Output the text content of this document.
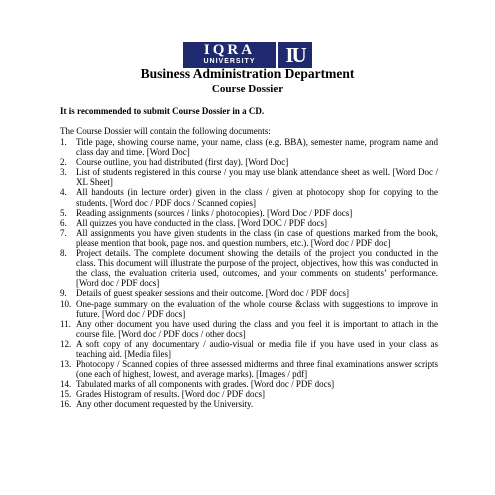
IQRA
UNIVERSITY	IU
Business Administration Department
Course Dossier
It is recommended to submit Course Dossier in a CD.
The Course Dossier will contain the following documents:
1. Title page, showing course name, your name, class (e.g. BBA), semester name, program name and class day and time. [Word Doc]
2. Course outline, you had distributed (first day). [Word Doc]
3. List of students registered in this course / you may use blank attendance sheet as well. [Word Doc / XL Sheet]
4. All handouts (in lecture order) given in the class / given at photocopy shop for copying to the students. [Word doc / PDF docs / Scanned copies]
5. Reading assignments (sources / links / photocopies). [Word Doc / PDF docs]
6. All quizzes you have conducted in the class. [Word DOC / PDF docs]
7. All assignments you have given students in the class (in case of questions marked from the book, please mention that book, page nos. and question numbers, etc.). [Word doc / PDF doc]
8. Project details. The complete document showing the details of the project you conducted in the class. This document will illustrate the purpose of the project, objectives, how this was conducted in the class, the evaluation criteria used, outcomes, and your comments on students’ performance. [Word doc / PDF docs]
9. Details of guest speaker sessions and their outcome. [Word doc / PDF docs]
10. One-page summary on the evaluation of the whole course &class with suggestions to improve in future. [Word doc / PDF docs]
11. Any other document you have used during the class and you feel it is important to attach in the course file. [Word doc / PDF docs / other docs]
12. A soft copy of any documentary / audio-visual or media file if you have used in your class as teaching aid. [Media files]
13. Photocopy / Scanned copies of three assessed midterms and three final examinations answer scripts (one each of highest, lowest, and average marks). [Images / pdf]
14. Tabulated marks of all components with grades. [Word doc / PDF docs]
15. Grades Histogram of results. [Word doc / PDF docs]
16. Any other document requested by the University.
